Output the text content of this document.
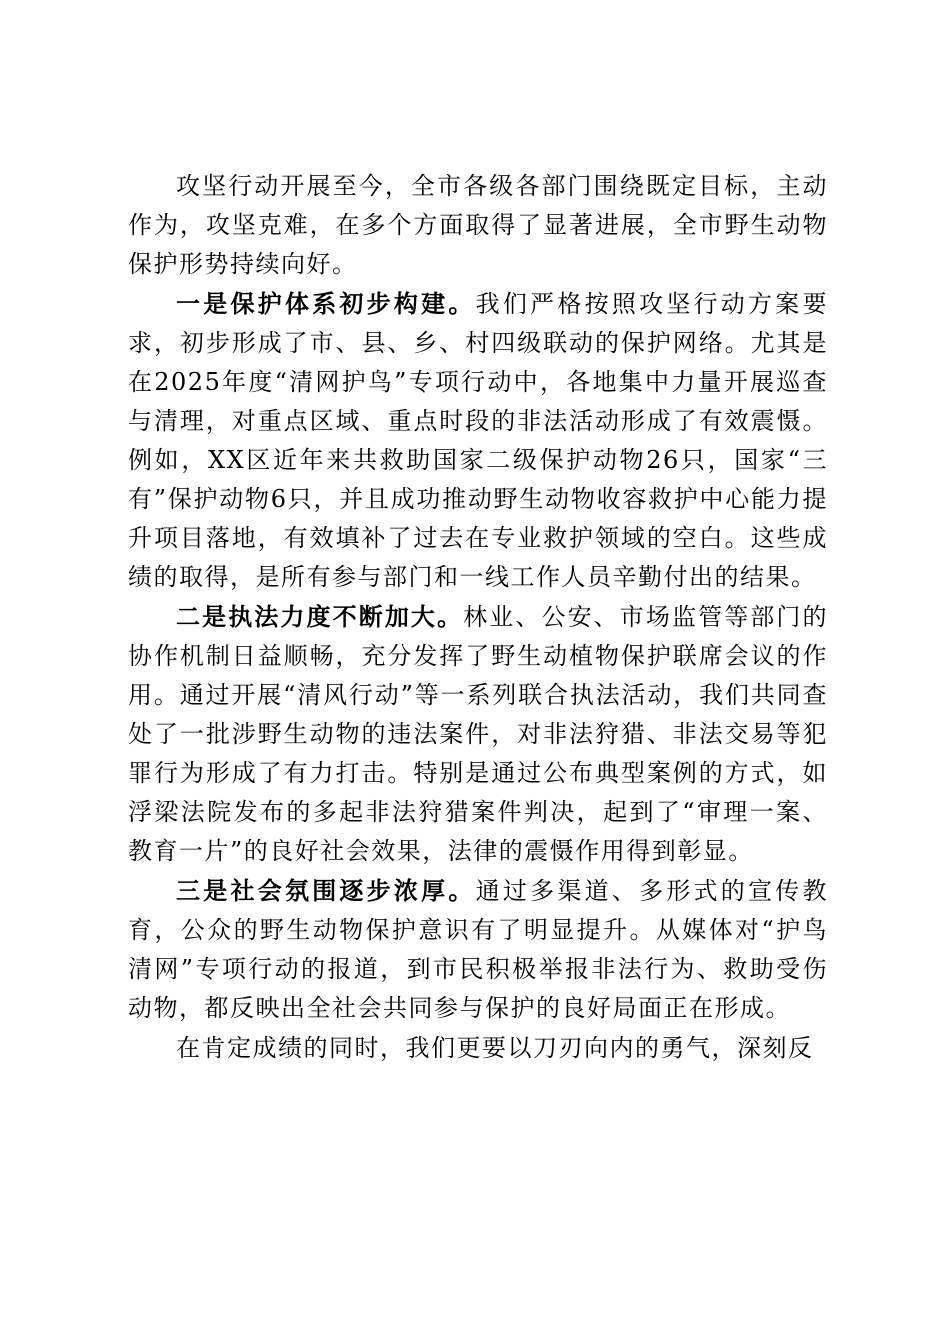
攻坚行动开展至今，全市各级各部门围绕既定目标，主动作为，攻坚克难，在多个方面取得了显著进展，全市野生动物保护形势持续向好。

一是保护体系初步构建。我们严格按照攻坚行动方案要求，初步形成了市、县、乡、村四级联动的保护网络。尤其是在2025年度“清网护鸟”专项行动中，各地集中力量开展巡查与清理，对重点区域、重点时段的非法活动形成了有效震慑。例如，XX区近年来共救助国家二级保护动物26只，国家“三有”保护动物6只，并且成功推动野生动物收容救护中心能力提升项目落地，有效填补了过去在专业救护领域的空白。这些成绩的取得，是所有参与部门和一线工作人员辛勤付出的结果。

二是执法力度不断加大。林业、公安、市场监管等部门的协作机制日益顺畅，充分发挥了野生动植物保护联席会议的作用。通过开展“清风行动”等一系列联合执法活动，我们共同查处了一批涉野生动物的违法案件，对非法狩猎、非法交易等犯罪行为形成了有力打击。特别是通过公布典型案例的方式，如浮梁法院发布的多起非法狩猎案件判决，起到了“审理一案、教育一片”的良好社会效果，法律的震慑作用得到彰显。

三是社会氛围逐步浓厚。通过多渠道、多形式的宣传教育，公众的野生动物保护意识有了明显提升。从媒体对“护鸟清网”专项行动的报道，到市民积极举报非法行为、救助受伤动物，都反映出全社会共同参与保护的良好局面正在形成。

在肯定成绩的同时，我们更要以刀刃向内的勇气，深刻反
